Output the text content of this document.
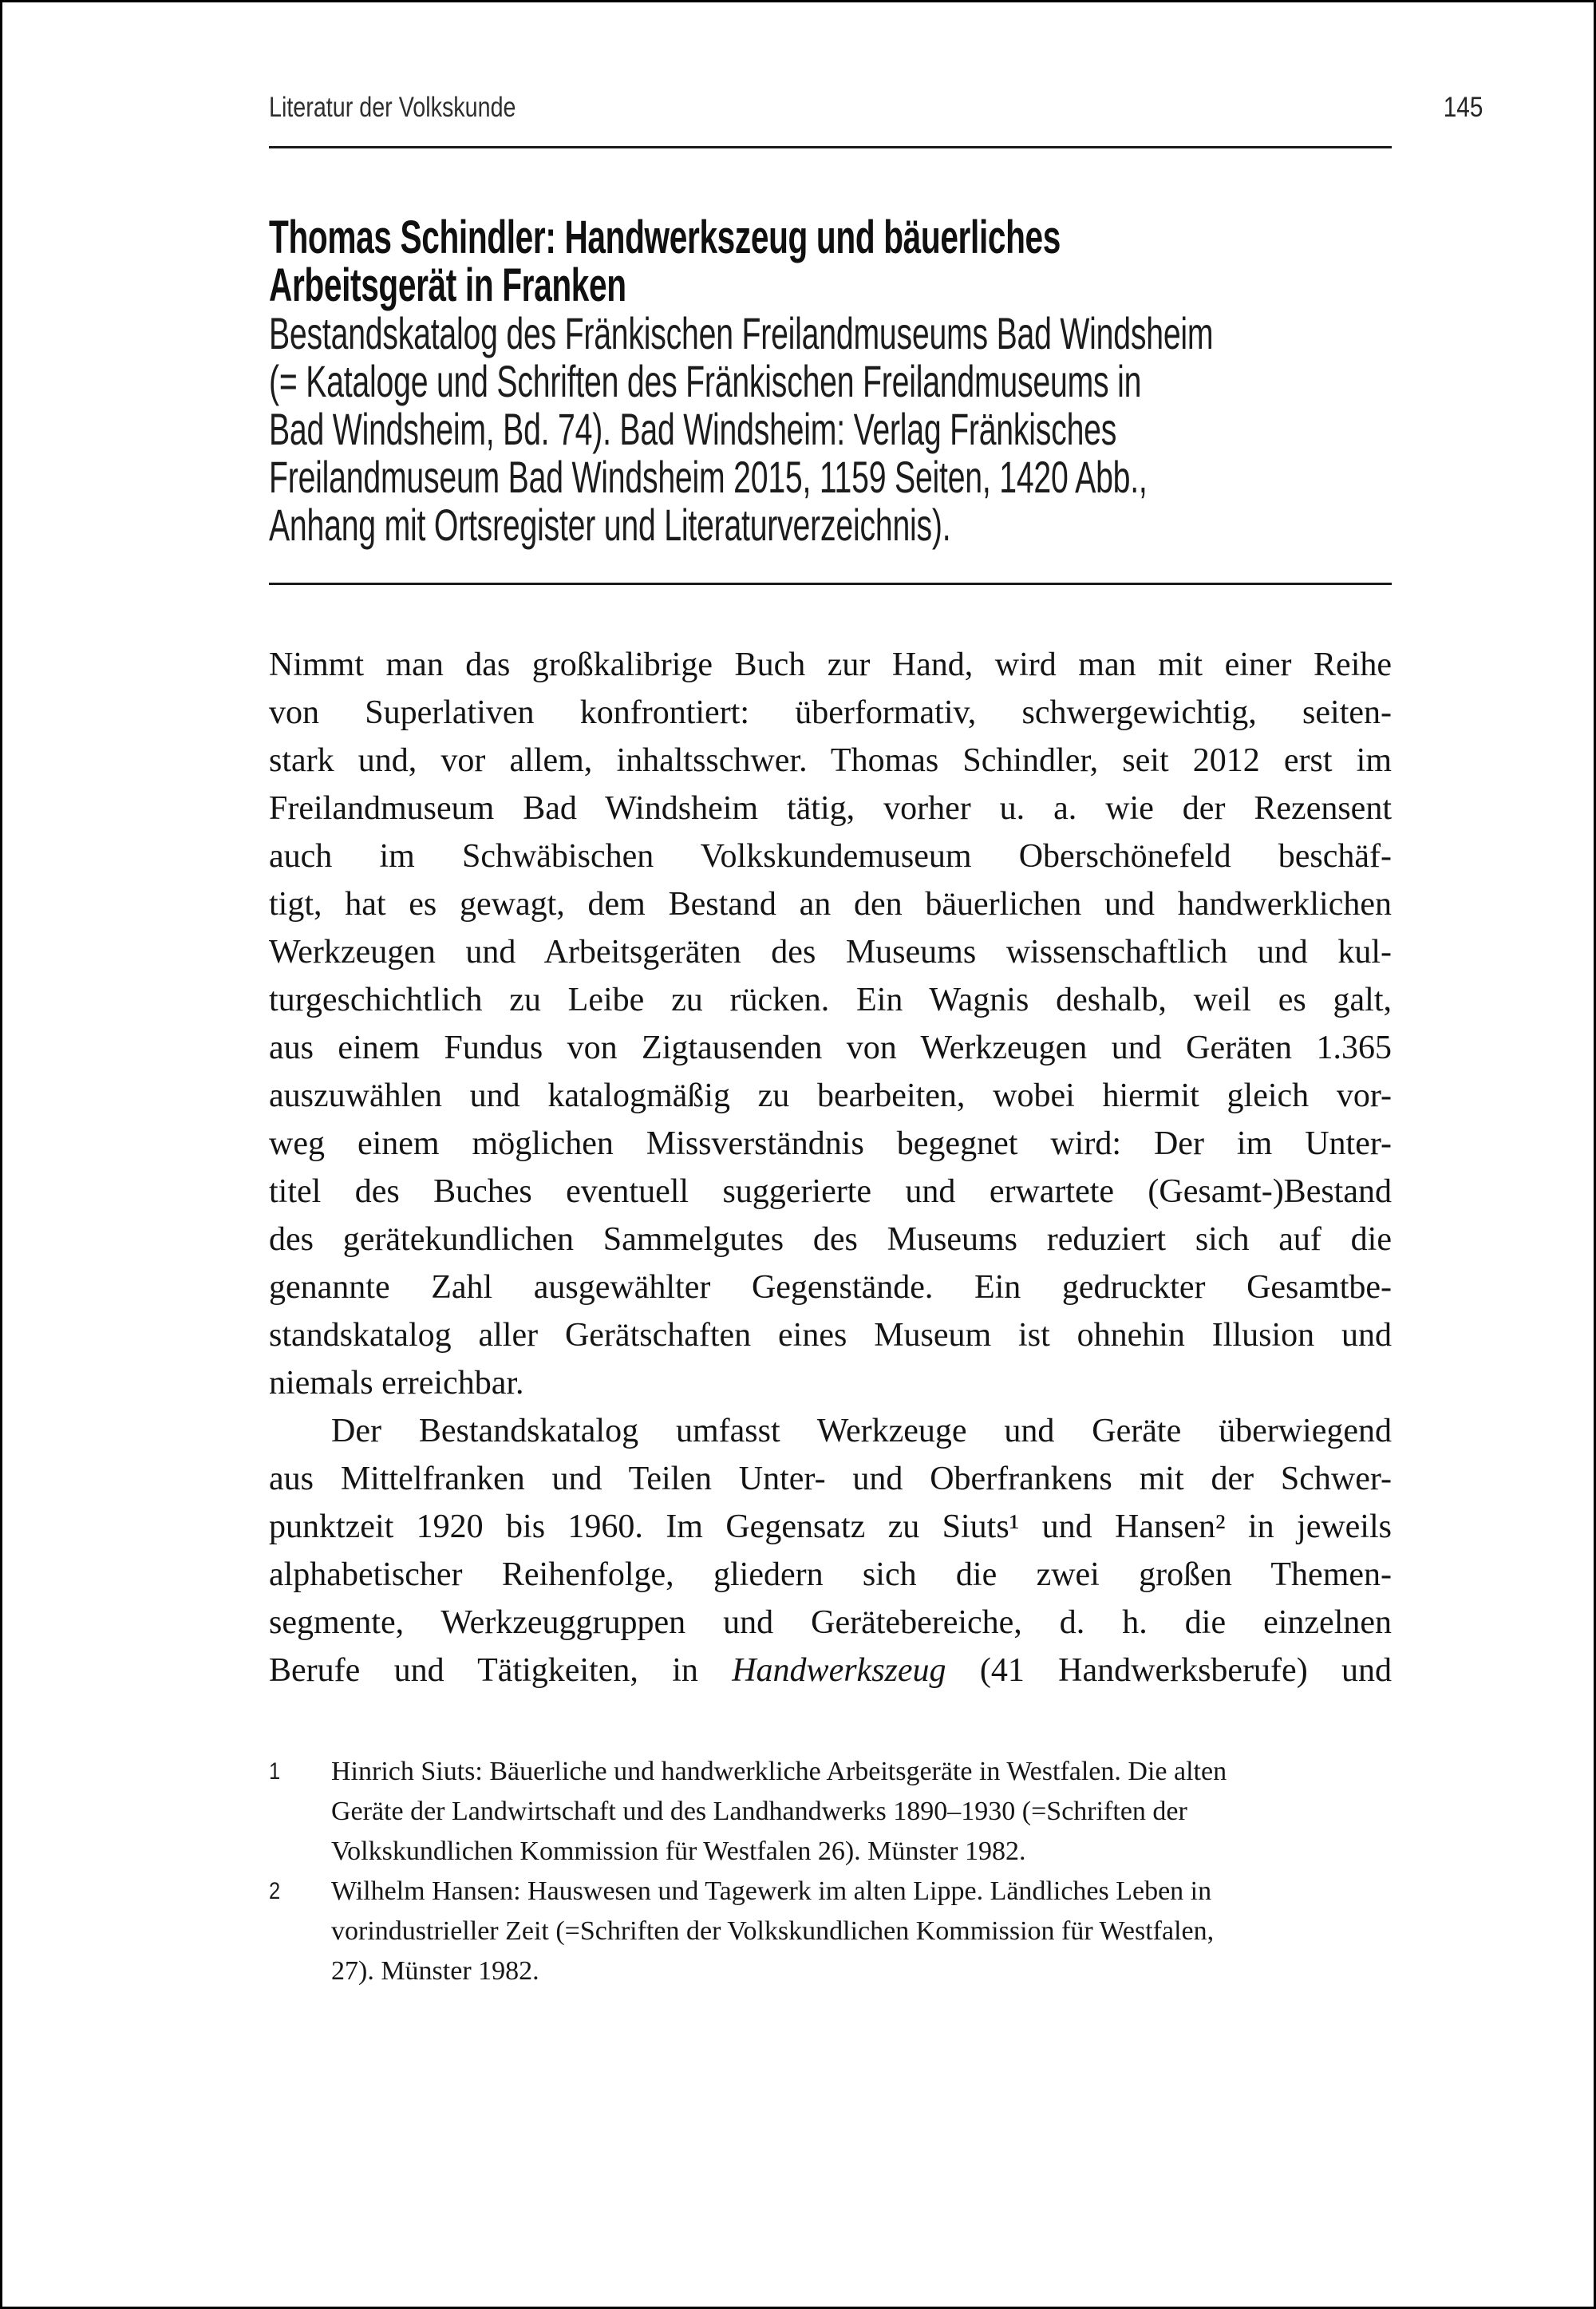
Literatur der Volkskunde	145
Thomas Schindler: Handwerkszeug und bäuerliches
Arbeitsgerät in Franken
Bestandskatalog des Fränkischen Freilandmuseums Bad Windsheim
(= Kataloge und Schriften des Fränkischen Freilandmuseums in
Bad Windsheim, Bd. 74). Bad Windsheim: Verlag Fränkisches
Freilandmuseum Bad Windsheim 2015, 1159 Seiten, 1420 Abb.,
Anhang mit Ortsregister und Literaturverzeichnis).
Nimmt man das großkalibrige Buch zur Hand, wird man mit einer Reihe
von Superlativen konfrontiert: überformativ, schwergewichtig, seiten-
stark und, vor allem, inhaltsschwer. Thomas Schindler, seit 2012 erst im
Freilandmuseum Bad Windsheim tätig, vorher u. a. wie der Rezensent
auch im Schwäbischen Volkskundemuseum Oberschönefeld beschäf-
tigt, hat es gewagt, dem Bestand an den bäuerlichen und handwerklichen
Werkzeugen und Arbeitsgeräten des Museums wissenschaftlich und kul-
turgeschichtlich zu Leibe zu rücken. Ein Wagnis deshalb, weil es galt,
aus einem Fundus von Zigtausenden von Werkzeugen und Geräten 1.365
auszuwählen und katalogmäßig zu bearbeiten, wobei hiermit gleich vor-
weg einem möglichen Missverständnis begegnet wird: Der im Unter-
titel des Buches eventuell suggerierte und erwartete (Gesamt-)Bestand
des gerätekundlichen Sammelgutes des Museums reduziert sich auf die
genannte Zahl ausgewählter Gegenstände. Ein gedruckter Gesamtbe-
standskatalog aller Gerätschaften eines Museum ist ohnehin Illusion und
niemals erreichbar.
Der Bestandskatalog umfasst Werkzeuge und Geräte überwiegend
aus Mittelfranken und Teilen Unter- und Oberfrankens mit der Schwer-
punktzeit 1920 bis 1960. Im Gegensatz zu Siuts¹ und Hansen² in jeweils
alphabetischer Reihenfolge, gliedern sich die zwei großen Themen-
segmente, Werkzeuggruppen und Gerätebereiche, d. h. die einzelnen
Berufe und Tätigkeiten, in Handwerkszeug (41 Handwerksberufe) und
1	Hinrich Siuts: Bäuerliche und handwerkliche Arbeitsgeräte in Westfalen. Die alten
Geräte der Landwirtschaft und des Landhandwerks 1890–1930 (=Schriften der
Volkskundlichen Kommission für Westfalen 26). Münster 1982.
2	Wilhelm Hansen: Hauswesen und Tagewerk im alten Lippe. Ländliches Leben in
vorindustrieller Zeit (=Schriften der Volkskundlichen Kommission für Westfalen,
27). Münster 1982.
